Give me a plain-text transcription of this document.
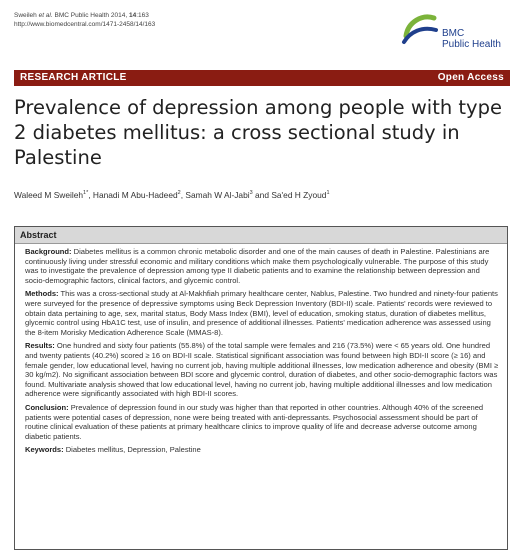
Sweileh et al. BMC Public Health 2014, 14:163
http://www.biomedcentral.com/1471-2458/14/163
BMC
Public Health
RESEARCH ARTICLE	Open Access
Prevalence of depression among people with type 2 diabetes mellitus: a cross sectional study in Palestine
Waleed M Sweileh$^{1*}$, Hanadi M Abu-Hadeed$^2$, Samah W Al-Jabi$^3$ and Sa'ed H Zyoud$^1$
Abstract

Background: Diabetes mellitus is a common chronic metabolic disorder and one of the main causes of death in Palestine. Palestinians are continuously living under stressful economic and military conditions which make them psychologically vulnerable. The purpose of this study was to investigate the prevalence of depression among type II diabetic patients and to examine the relationship between depression and socio-demographic factors, clinical factors, and glycemic control.

Methods: This was a cross-sectional study at Al-Makhfiah primary healthcare center, Nablus, Palestine. Two hundred and ninety-four patients were surveyed for the presence of depressive symptoms using Beck Depression Inventory (BDI-II) scale. Patients' records were reviewed to obtain data pertaining to age, sex, marital status, Body Mass Index (BMI), level of education, smoking status, duration of diabetes mellitus, glycemic control using HbA1C test, use of insulin, and presence of additional illnesses. Patients' medication adherence was assessed using the 8-item Morisky Medication Adherence Scale (MMAS-8).

Results: One hundred and sixty four patients (55.8%) of the total sample were females and 216 (73.5%) were < 65 years old. One hundred and twenty patients (40.2%) scored ≥ 16 on BDI-II scale. Statistical significant association was found between high BDI-II score (≥ 16) and female gender, low educational level, having no current job, having multiple additional illnesses, low medication adherence and obesity (BMI ≥ 30 kg/m2). No significant association between BDI score and glycemic control, duration of diabetes, and other socio-demographic factors was found. Multivariate analysis showed that low educational level, having no current job, having multiple additional illnesses and low medication adherence were significantly associated with high BDI-II scores.

Conclusion: Prevalence of depression found in our study was higher than that reported in other countries. Although 40% of the screened patients were potential cases of depression, none were being treated with anti-depressants. Psychosocial assessment should be part of routine clinical evaluation of these patients at primary healthcare clinics to improve quality of life and decrease adverse outcome among diabetic patients.

Keywords: Diabetes mellitus, Depression, Palestine
